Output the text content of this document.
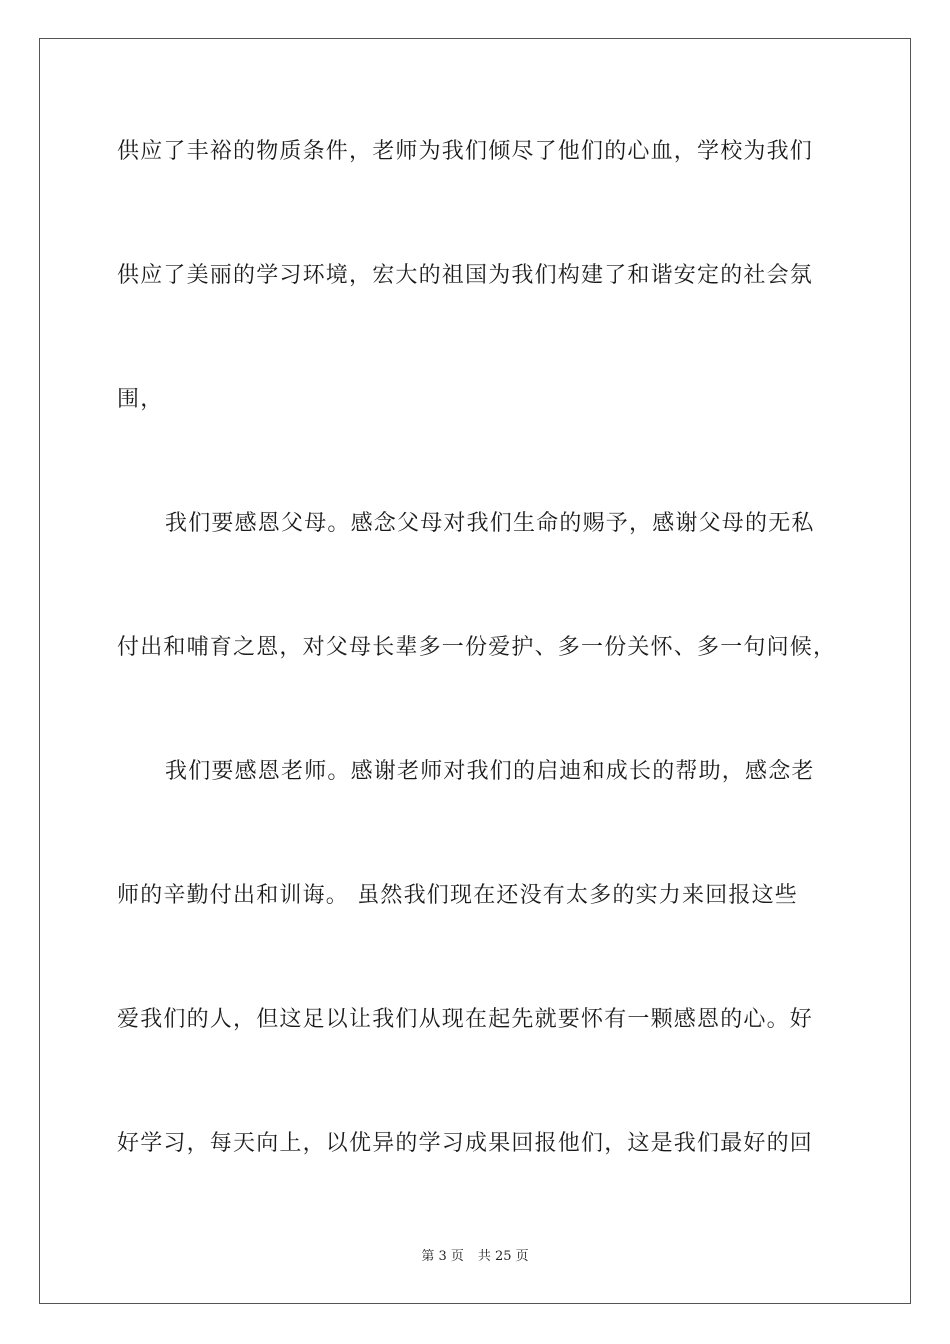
供应了丰裕的物质条件，老师为我们倾尽了他们的心血，学校为我们
供应了美丽的学习环境，宏大的祖国为我们构建了和谐安定的社会氛
围，
我们要感恩父母。感念父母对我们生命的赐予，感谢父母的无私
付出和哺育之恩，对父母长辈多一份爱护、多一份关怀、多一句问候，
我们要感恩老师。感谢老师对我们的启迪和成长的帮助，感念老
师的辛勤付出和训诲。 虽然我们现在还没有太多的实力来回报这些
爱我们的人，但这足以让我们从现在起先就要怀有一颗感恩的心。好
好学习，每天向上，以优异的学习成果回报他们，这是我们最好的回
第 3 页 共 25 页
